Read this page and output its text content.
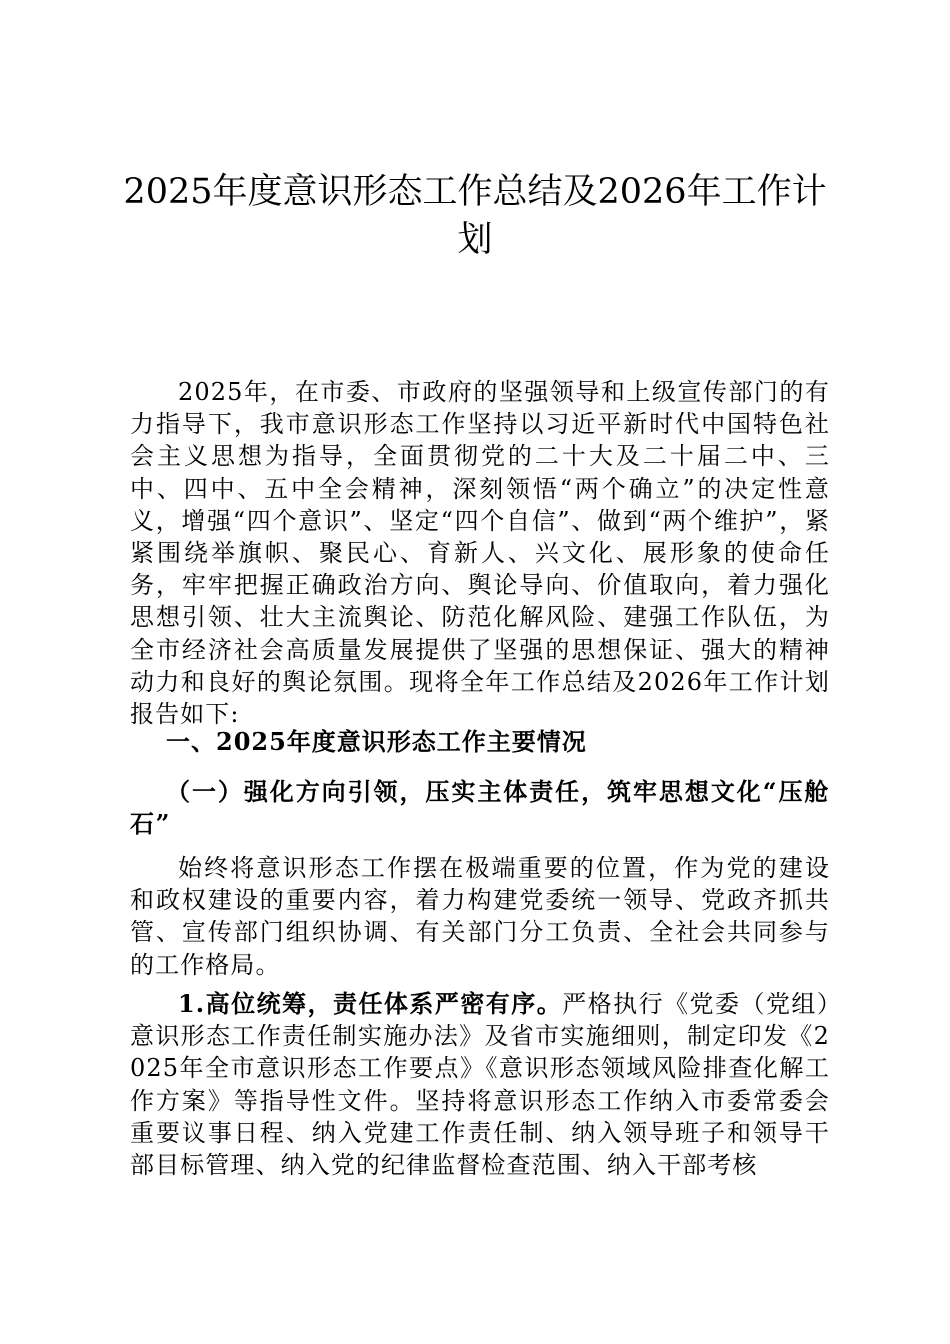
2025年度意识形态工作总结及2026年工作计划

2025年，在市委、市政府的坚强领导和上级宣传部门的有力指导下，我市意识形态工作坚持以习近平新时代中国特色社会主义思想为指导，全面贯彻党的二十大及二十届二中、三中、四中、五中全会精神，深刻领悟“两个确立”的决定性意义，增强“四个意识”、坚定“四个自信”、做到“两个维护”，紧紧围绕举旗帜、聚民心、育新人、兴文化、展形象的使命任务，牢牢把握正确政治方向、舆论导向、价值取向，着力强化思想引领、壮大主流舆论、防范化解风险、建强工作队伍，为全市经济社会高质量发展提供了坚强的思想保证、强大的精神动力和良好的舆论氛围。现将全年工作总结及2026年工作计划报告如下:

一、2025年度意识形态工作主要情况

（一）强化方向引领，压实主体责任，筑牢思想文化“压舱石”

始终将意识形态工作摆在极端重要的位置，作为党的建设和政权建设的重要内容，着力构建党委统一领导、党政齐抓共管、宣传部门组织协调、有关部门分工负责、全社会共同参与的工作格局。

1.高位统筹，责任体系严密有序。严格执行《党委（党组）意识形态工作责任制实施办法》及省市实施细则，制定印发《2025年全市意识形态工作要点》《意识形态领域风险排查化解工作方案》等指导性文件。坚持将意识形态工作纳入市委常委会重要议事日程、纳入党建工作责任制、纳入领导班子和领导干部目标管理、纳入党的纪律监督检查范围、纳入干部考核
